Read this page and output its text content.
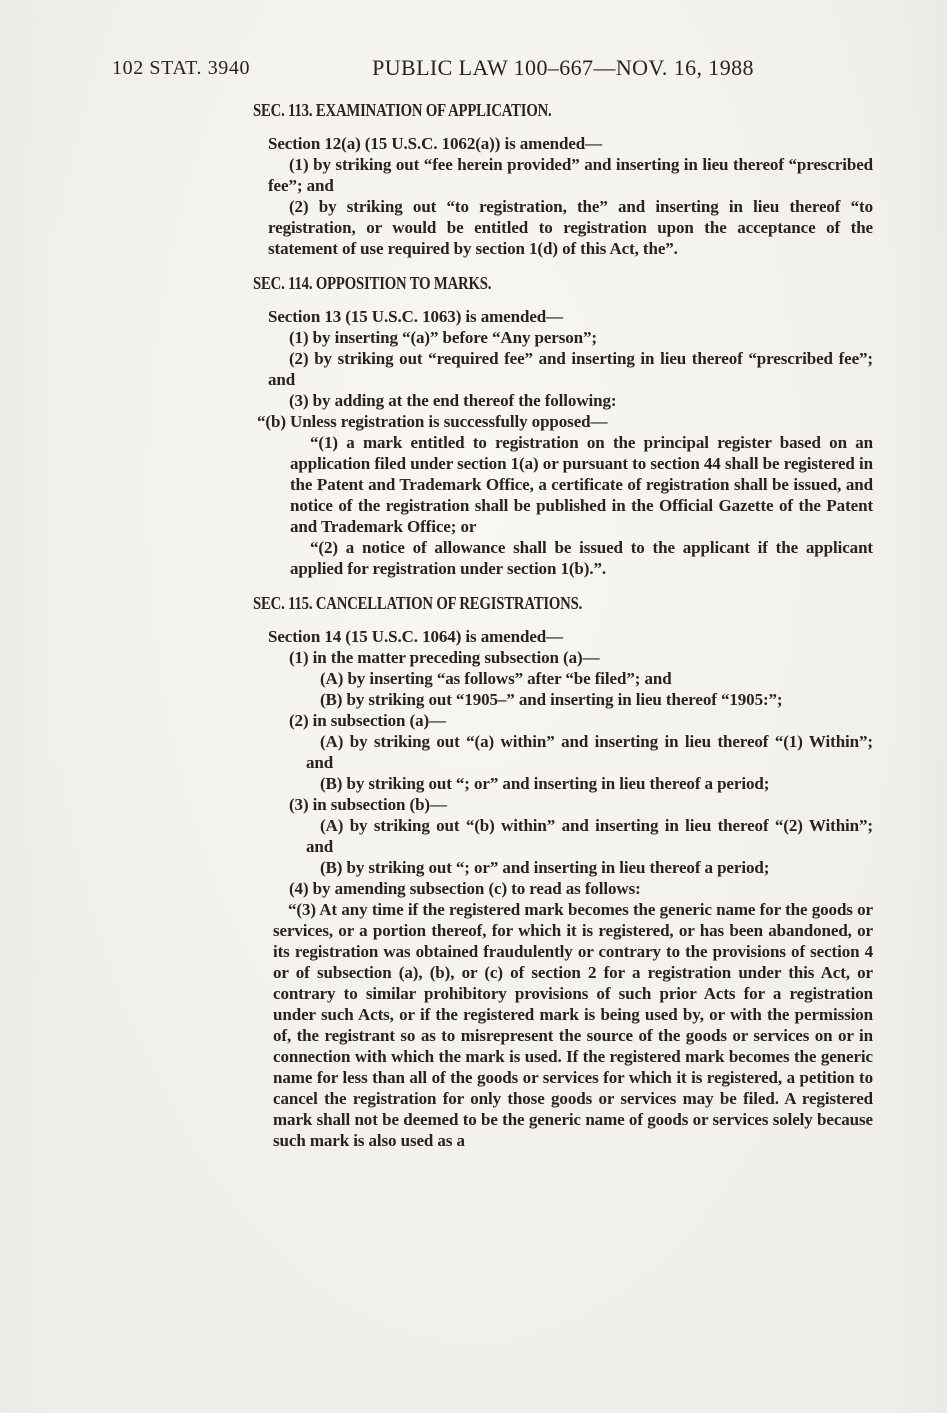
102 STAT. 3940	PUBLIC LAW 100–667—NOV. 16, 1988
SEC. 113. EXAMINATION OF APPLICATION.

Section 12(a) (15 U.S.C. 1062(a)) is amended—

(1) by striking out “fee herein provided” and inserting in lieu thereof “prescribed fee”; and

(2) by striking out “to registration, the” and inserting in lieu thereof “to registration, or would be entitled to registration upon the acceptance of the statement of use required by section 1(d) of this Act, the”.

SEC. 114. OPPOSITION TO MARKS.

Section 13 (15 U.S.C. 1063) is amended—

(1) by inserting “(a)” before “Any person”;

(2) by striking out “required fee” and inserting in lieu thereof “prescribed fee”; and

(3) by adding at the end thereof the following:

“(b) Unless registration is successfully opposed—

“(1) a mark entitled to registration on the principal register based on an application filed under section 1(a) or pursuant to section 44 shall be registered in the Patent and Trademark Office, a certificate of registration shall be issued, and notice of the registration shall be published in the Official Gazette of the Patent and Trademark Office; or

“(2) a notice of allowance shall be issued to the applicant if the applicant applied for registration under section 1(b).”.

SEC. 115. CANCELLATION OF REGISTRATIONS.

Section 14 (15 U.S.C. 1064) is amended—

(1) in the matter preceding subsection (a)—

(A) by inserting “as follows” after “be filed”; and

(B) by striking out “1905–” and inserting in lieu thereof “1905:”;

(2) in subsection (a)—

(A) by striking out “(a) within” and inserting in lieu thereof “(1) Within”; and

(B) by striking out “; or” and inserting in lieu thereof a period;

(3) in subsection (b)—

(A) by striking out “(b) within” and inserting in lieu thereof “(2) Within”; and

(B) by striking out “; or” and inserting in lieu thereof a period;

(4) by amending subsection (c) to read as follows:

“(3) At any time if the registered mark becomes the generic name for the goods or services, or a portion thereof, for which it is registered, or has been abandoned, or its registration was obtained fraudulently or contrary to the provisions of section 4 or of subsection (a), (b), or (c) of section 2 for a registration under this Act, or contrary to similar prohibitory provisions of such prior Acts for a registration under such Acts, or if the registered mark is being used by, or with the permission of, the registrant so as to misrepresent the source of the goods or services on or in connection with which the mark is used. If the registered mark becomes the generic name for less than all of the goods or services for which it is registered, a petition to cancel the registration for only those goods or services may be filed. A registered mark shall not be deemed to be the generic name of goods or services solely because such mark is also used as a
